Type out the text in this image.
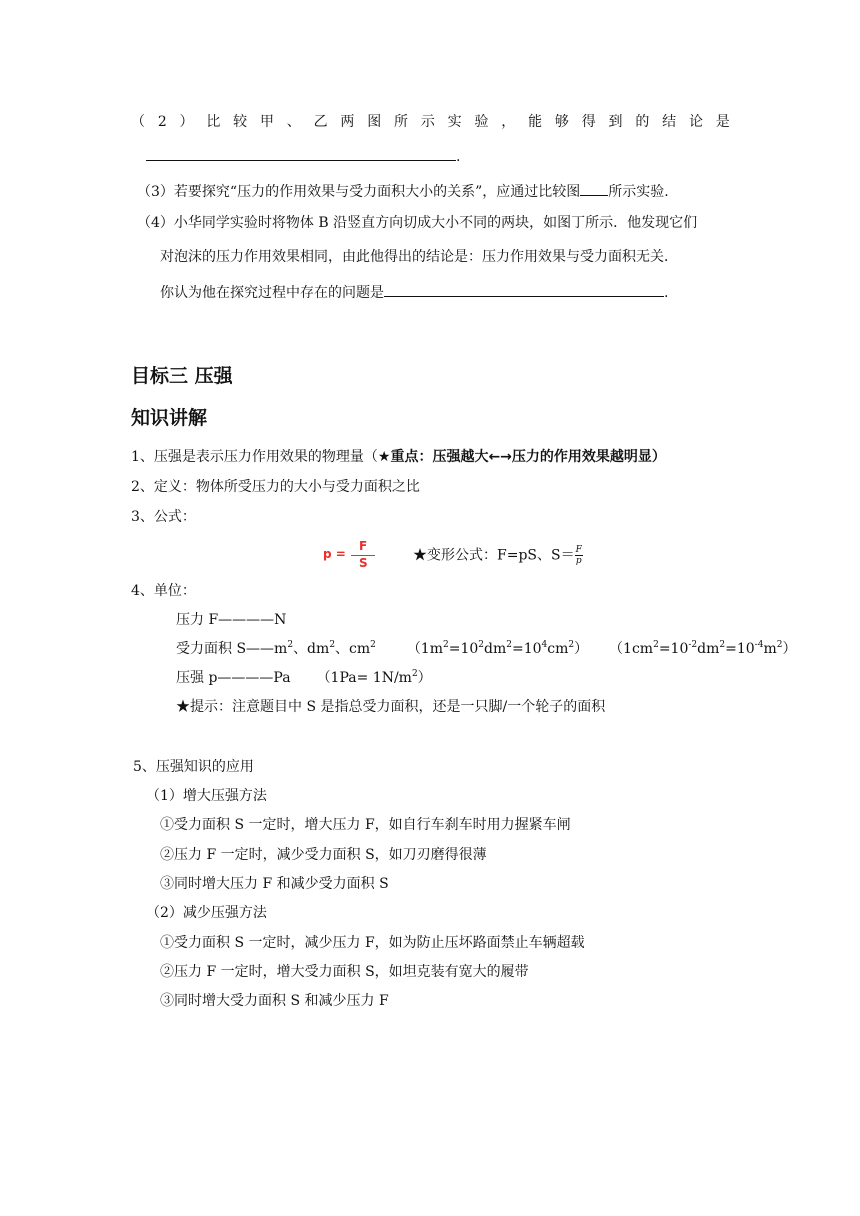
（ 2 ） 比 较 甲 、 乙 两 图 所 示 实 验 ， 能 够 得 到 的 结 论 是
.
（3）若要探究“压力的作用效果与受力面积大小的关系”，应通过比较图 所示实验.
（4）小华同学实验时将物体 B 沿竖直方向切成大小不同的两块，如图丁所示．他发现它们
对泡沫的压力作用效果相同，由此他得出的结论是：压力作用效果与受力面积无关．
你认为他在探究过程中存在的问题是	.
目标三 压强
知识讲解
1、压强是表示压力作用效果的物理量（★重点：压强越大←→压力的作用效果越明显）
2、定义：物体所受压力的大小与受力面积之比
3、公式：
p =
F
S	★变形公式：F=pS、$S= \frac{F}{p}$
4、单位：
压力 F————N
受力面积 $S——m^2$、$dm^2$、$cm^2$ $(1m^2=10^2dm^2=10^4cm^2)$ $(1cm^2=10^{-2}dm^2=10^{-4}m^2)$
压强 p————Pa $(1Pa= 1N/m^2)$
★提示：注意题目中 S 是指总受力面积，还是一只脚/一个轮子的面积
5、压强知识的应用
（1）增大压强方法
①受力面积 S 一定时，增大压力 F，如自行车刹车时用力握紧车闸
②压力 F 一定时，减少受力面积 S，如刀刃磨得很薄
③同时增大压力 F 和减少受力面积 S
（2）减少压强方法
①受力面积 S 一定时，减少压力 F，如为防止压坏路面禁止车辆超载
②压力 F 一定时，增大受力面积 S，如坦克装有宽大的履带
③同时增大受力面积 S 和减少压力 F
